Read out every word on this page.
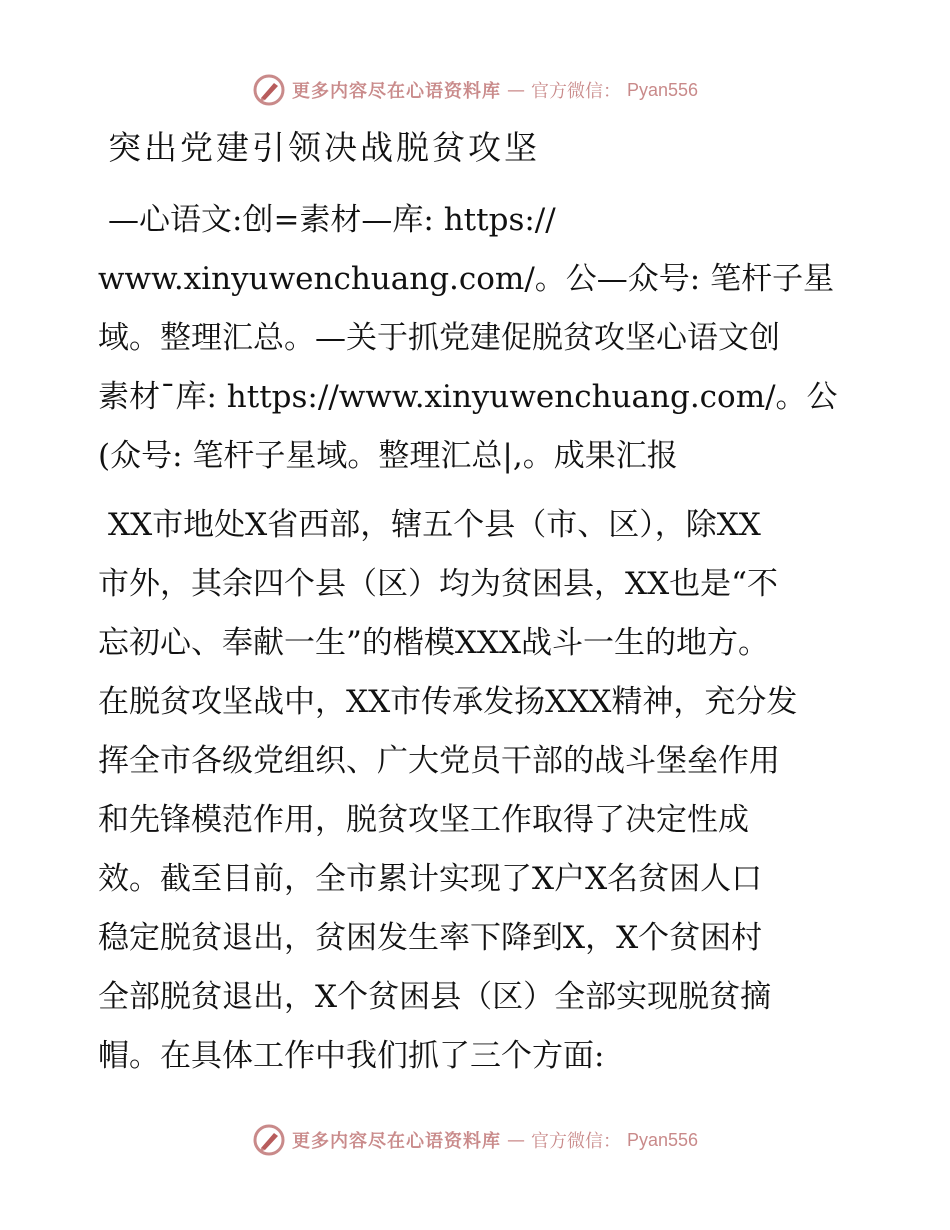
更多内容尽在心语资料库 — 官方微信： Pyan556
突出党建引领决战脱贫攻坚
—心语文:创=素材—库: https://
www.xinyuwenchuang.com/。公—众号: 笔杆子星
域。整理汇总。—关于抓党建促脱贫攻坚心语文创
素材¯库: https://www.xinyuwenchuang.com/。公
(众号: 笔杆子星域。整理汇总|,。成果汇报
XX市地处X省西部，辖五个县（市、区），除XX
市外，其余四个县（区）均为贫困县，XX也是“不
忘初心、奉献一生”的楷模XXX战斗一生的地方。
在脱贫攻坚战中，XX市传承发扬XXX精神，充分发
挥全市各级党组织、广大党员干部的战斗堡垒作用
和先锋模范作用，脱贫攻坚工作取得了决定性成
效。截至目前，全市累计实现了X户X名贫困人口
稳定脱贫退出，贫困发生率下降到X，X个贫困村
全部脱贫退出，X个贫困县（区）全部实现脱贫摘
帽。在具体工作中我们抓了三个方面:
更多内容尽在心语资料库 — 官方微信： Pyan556
